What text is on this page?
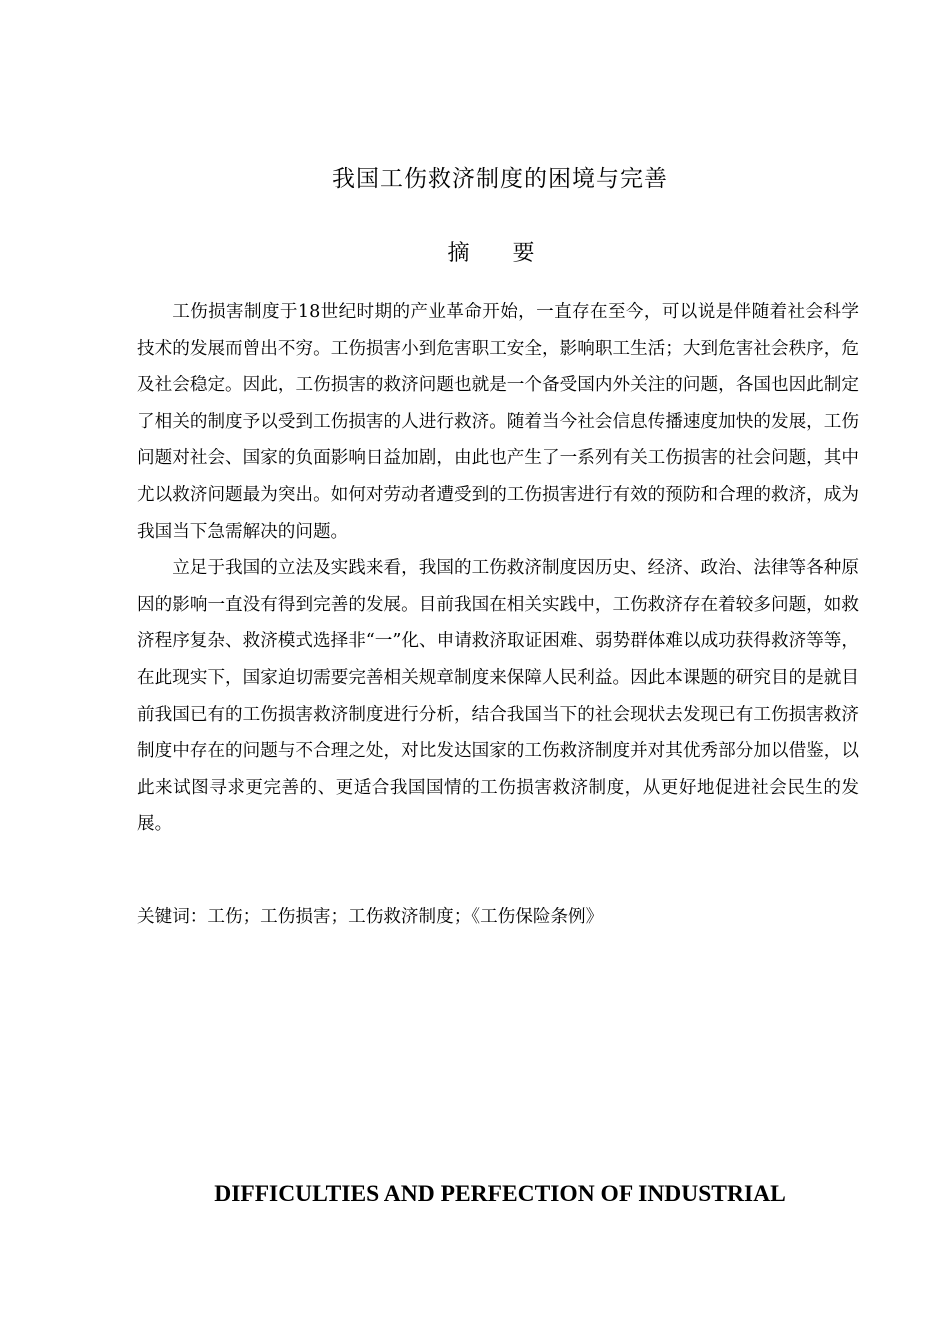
我国工伤救济制度的困境与完善
摘 要

工伤损害制度于18世纪时期的产业革命开始，一直存在至今，可以说是伴随着社会科学技术的发展而曾出不穷。工伤损害小到危害职工安全，影响职工生活；大到危害社会秩序，危及社会稳定。因此，工伤损害的救济问题也就是一个备受国内外关注的问题，各国也因此制定了相关的制度予以受到工伤损害的人进行救济。随着当今社会信息传播速度加快的发展，工伤问题对社会、国家的负面影响日益加剧，由此也产生了一系列有关工伤损害的社会问题，其中尤以救济问题最为突出。如何对劳动者遭受到的工伤损害进行有效的预防和合理的救济，成为我国当下急需解决的问题。

立足于我国的立法及实践来看，我国的工伤救济制度因历史、经济、政治、法律等各种原因的影响一直没有得到完善的发展。目前我国在相关实践中，工伤救济存在着较多问题，如救济程序复杂、救济模式选择非“一”化、申请救济取证困难、弱势群体难以成功获得救济等等，在此现实下，国家迫切需要完善相关规章制度来保障人民利益。因此本课题的研究目的是就目前我国已有的工伤损害救济制度进行分析，结合我国当下的社会现状去发现已有工伤损害救济制度中存在的问题与不合理之处，对比发达国家的工伤救济制度并对其优秀部分加以借鉴，以此来试图寻求更完善的、更适合我国国情的工伤损害救济制度，从更好地促进社会民生的发展。

关键词：工伤；工伤损害；工伤救济制度；《工伤保险条例》
DIFFICULTIES AND PERFECTION OF INDUSTRIAL
